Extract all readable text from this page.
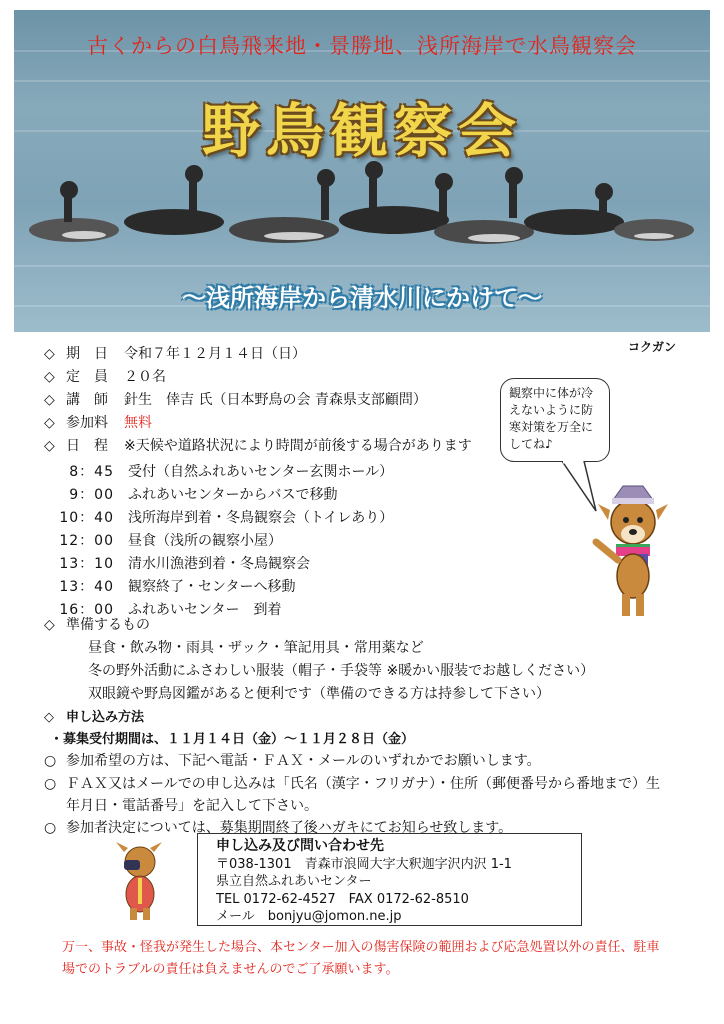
古くからの白鳥飛来地・景勝地、浅所海岸で水鳥観察会
野鳥観察会
～浅所海岸から清水川にかけて～
コクガン
◇ 期　日 令和７年１２月１４日（日）
◇ 定　員 ２０名
◇ 講　師 針生　倖吉 氏（日本野鳥の会 青森県支部顧問）
◇ 参加料 無料
◇ 日　程 ※天候や道路状況により時間が前後する場合があります
8：45 受付（自然ふれあいセンター玄関ホール）
9：00 ふれあいセンターからバスで移動
10：40 浅所海岸到着・冬鳥観察会（トイレあり）
12：00 昼食（浅所の観察小屋）
13：10 清水川漁港到着・冬鳥観察会
13：40 観察終了・センターへ移動
16：00 ふれあいセンター　到着
◇ 準備するもの
昼食・飲み物・雨具・ザック・筆記用具・常用薬など
冬の野外活動にふさわしい服装（帽子・手袋等 ※暖かい服装でお越しください）
双眼鏡や野鳥図鑑があると便利です（準備のできる方は持参して下さい）
◇ 申し込み方法
・募集受付期間は、１１月１４日（金）～１１月２８日（金）
○ 参加希望の方は、下記へ電話・ＦＡＸ・メールのいずれかでお願いします。
○ ＦＡＸ又はメールでの申し込みは「氏名（漢字・フリガナ）・住所（郵便番号から番地まで）生
年月日・電話番号」を記入して下さい。
○ 参加者決定については、募集期間終了後ハガキにてお知らせ致します。
観察中に体が冷
えないように防
寒対策を万全に
してね♪
申し込み及び問い合わせ先
〒038-1301　青森市浪岡大字大釈迦字沢内沢 1-1
県立自然ふれあいセンター
TEL 0172-62-4527　FAX 0172-62-8510
メール　bonjyu@jomon.ne.jp
万一、事故・怪我が発生した場合、本センター加入の傷害保険の範囲および応急処置以外の責任、駐車
場でのトラブルの責任は負えませんのでご了承願います。
